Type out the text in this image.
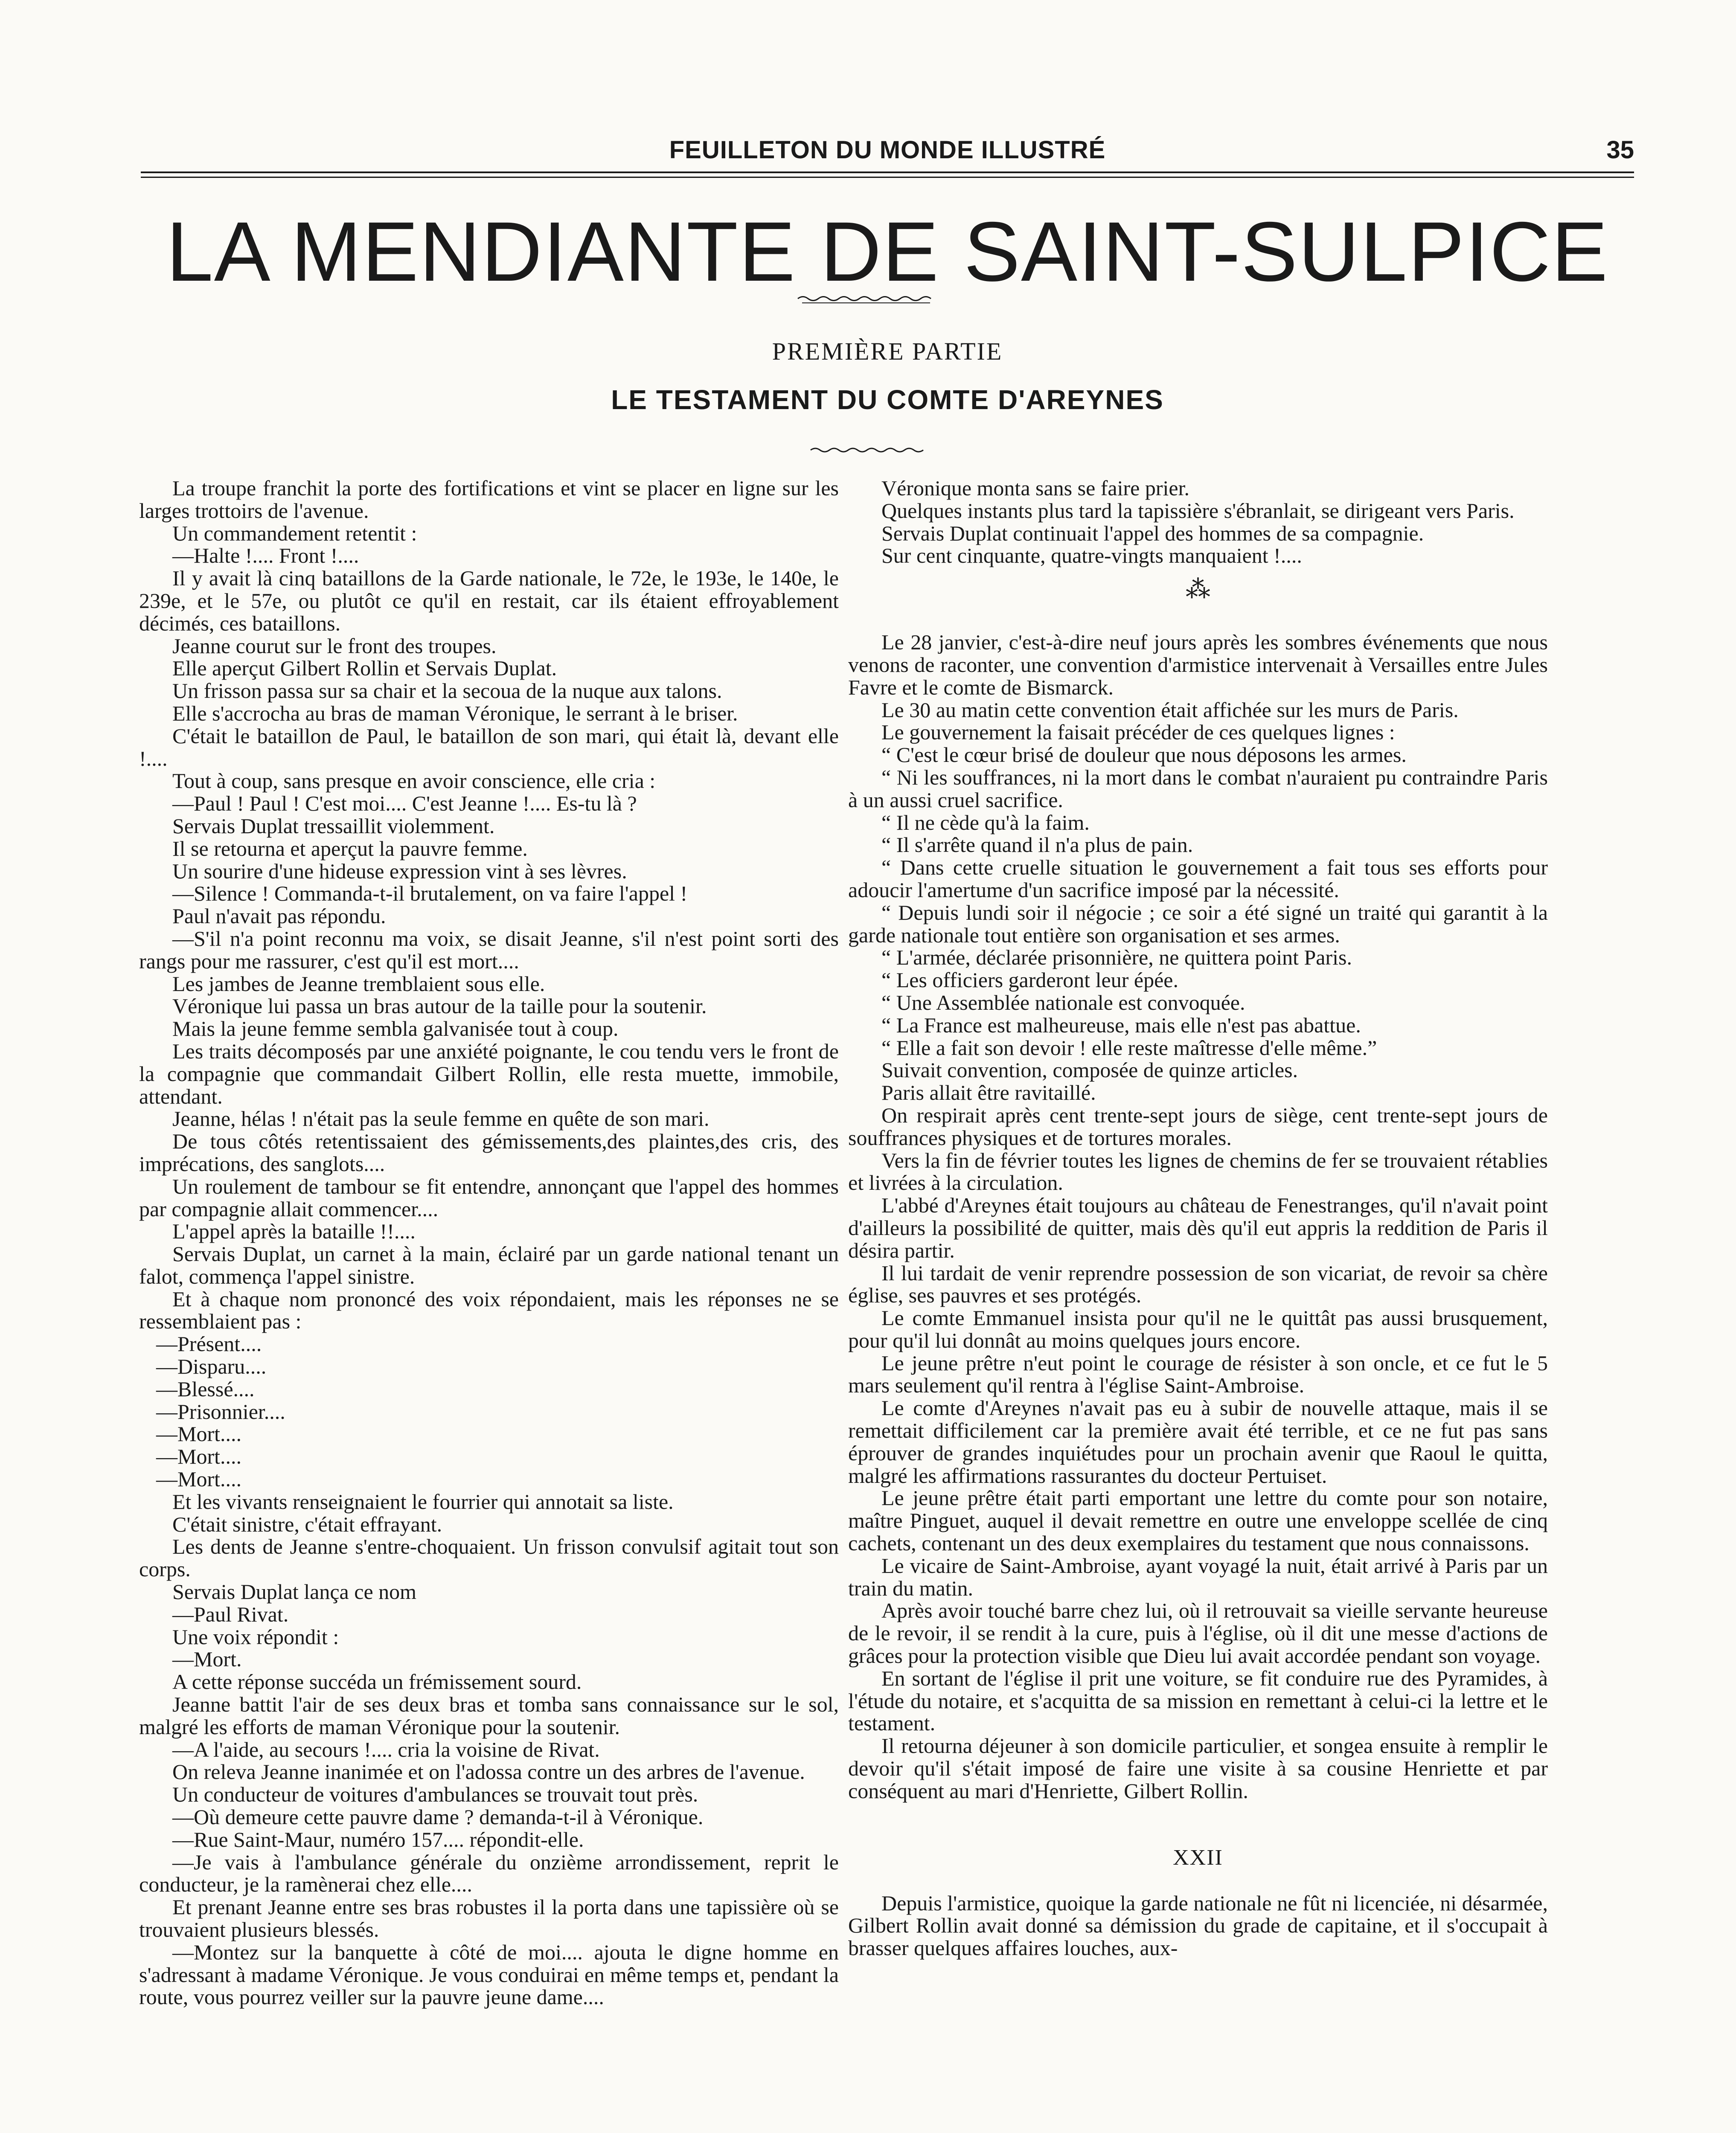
FEUILLETON DU MONDE ILLUSTRÉ	35
LA MENDIANTE DE SAINT-SULPICE
PREMIÈRE PARTIE
LE TESTAMENT DU COMTE D'AREYNES

La troupe franchit la porte des fortifications et vint se placer en ligne sur les larges trottoirs de l'avenue.

Un commandement retentit :

—Halte !.... Front !....

Il y avait là cinq bataillons de la Garde nationale, le 72e, le 193e, le 140e, le 239e, et le 57e, ou plutôt ce qu'il en restait, car ils étaient effroyablement décimés, ces bataillons.

Jeanne courut sur le front des troupes.

Elle aperçut Gilbert Rollin et Servais Duplat.

Un frisson passa sur sa chair et la secoua de la nuque aux talons.

Elle s'accrocha au bras de maman Véronique, le serrant à le briser.

C'était le bataillon de Paul, le bataillon de son mari, qui était là, devant elle !....

Tout à coup, sans presque en avoir conscience, elle cria :

—Paul ! Paul ! C'est moi.... C'est Jeanne !.... Es-tu là ?

Servais Duplat tressaillit violemment.

Il se retourna et aperçut la pauvre femme.

Un sourire d'une hideuse expression vint à ses lèvres.

—Silence ! Commanda-t-il brutalement, on va faire l'appel !

Paul n'avait pas répondu.

—S'il n'a point reconnu ma voix, se disait Jeanne, s'il n'est point sorti des rangs pour me rassurer, c'est qu'il est mort....

Les jambes de Jeanne tremblaient sous elle.

Véronique lui passa un bras autour de la taille pour la soutenir.

Mais la jeune femme sembla galvanisée tout à coup.

Les traits décomposés par une anxiété poignante, le cou tendu vers le front de la compagnie que commandait Gilbert Rollin, elle resta muette, immobile, attendant.

Jeanne, hélas ! n'était pas la seule femme en quête de son mari.

De tous côtés retentissaient des gémissements,des plaintes,des cris, des imprécations, des sanglots....

Un roulement de tambour se fit entendre, annonçant que l'appel des hommes par compagnie allait commencer....

L'appel après la bataille !!....

Servais Duplat, un carnet à la main, éclairé par un garde national tenant un falot, commença l'appel sinistre.

Et à chaque nom prononcé des voix répondaient, mais les réponses ne se ressemblaient pas :

—Présent....

—Disparu....

—Blessé....

—Prisonnier....

—Mort....

—Mort....

—Mort....

Et les vivants renseignaient le fourrier qui annotait sa liste.

C'était sinistre, c'était effrayant.

Les dents de Jeanne s'entre-choquaient. Un frisson convulsif agitait tout son corps.

Servais Duplat lança ce nom

—Paul Rivat.

Une voix répondit :

—Mort.

A cette réponse succéda un frémissement sourd.

Jeanne battit l'air de ses deux bras et tomba sans connaissance sur le sol, malgré les efforts de maman Véronique pour la soutenir.

—A l'aide, au secours !.... cria la voisine de Rivat.

On releva Jeanne inanimée et on l'adossa contre un des arbres de l'avenue.

Un conducteur de voitures d'ambulances se trouvait tout près.

—Où demeure cette pauvre dame ? demanda-t-il à Véronique.

—Rue Saint-Maur, numéro 157.... répondit-elle.

—Je vais à l'ambulance générale du onzième arrondissement, reprit le conducteur, je la ramènerai chez elle....

Et prenant Jeanne entre ses bras robustes il la porta dans une tapissière où se trouvaient plusieurs blessés.

—Montez sur la banquette à côté de moi.... ajouta le digne homme en s'adressant à madame Véronique. Je vous conduirai en même temps et, pendant la route, vous pourrez veiller sur la pauvre jeune dame....

Véronique monta sans se faire prier.

Quelques instants plus tard la tapissière s'ébranlait, se dirigeant vers Paris.

Servais Duplat continuait l'appel des hommes de sa compagnie.

Sur cent cinquante, quatre-vingts manquaient !....

⁂

Le 28 janvier, c'est-à-dire neuf jours après les sombres événements que nous venons de raconter, une convention d'armistice intervenait à Versailles entre Jules Favre et le comte de Bismarck.

Le 30 au matin cette convention était affichée sur les murs de Paris.

Le gouvernement la faisait précéder de ces quelques lignes :

“ C'est le cœur brisé de douleur que nous déposons les armes.

“ Ni les souffrances, ni la mort dans le combat n'auraient pu contraindre Paris à un aussi cruel sacrifice.

“ Il ne cède qu'à la faim.

“ Il s'arrête quand il n'a plus de pain.

“ Dans cette cruelle situation le gouvernement a fait tous ses efforts pour adoucir l'amertume d'un sacrifice imposé par la nécessité.

“ Depuis lundi soir il négocie ; ce soir a été signé un traité qui garantit à la garde nationale tout entière son organisation et ses armes.

“ L'armée, déclarée prisonnière, ne quittera point Paris.

“ Les officiers garderont leur épée.

“ Une Assemblée nationale est convoquée.

“ La France est malheureuse, mais elle n'est pas abattue.

“ Elle a fait son devoir ! elle reste maîtresse d'elle même.”

Suivait convention, composée de quinze articles.

Paris allait être ravitaillé.

On respirait après cent trente-sept jours de siège, cent trente-sept jours de souffrances physiques et de tortures morales.

Vers la fin de février toutes les lignes de chemins de fer se trouvaient rétablies et livrées à la circulation.

L'abbé d'Areynes était toujours au château de Fenestranges, qu'il n'avait point d'ailleurs la possibilité de quitter, mais dès qu'il eut appris la reddition de Paris il désira partir.

Il lui tardait de venir reprendre possession de son vicariat, de revoir sa chère église, ses pauvres et ses protégés.

Le comte Emmanuel insista pour qu'il ne le quittât pas aussi brusquement, pour qu'il lui donnât au moins quelques jours encore.

Le jeune prêtre n'eut point le courage de résister à son oncle, et ce fut le 5 mars seulement qu'il rentra à l'église Saint-Ambroise.

Le comte d'Areynes n'avait pas eu à subir de nouvelle attaque, mais il se remettait difficilement car la première avait été terrible, et ce ne fut pas sans éprouver de grandes inquiétudes pour un prochain avenir que Raoul le quitta, malgré les affirmations rassurantes du docteur Pertuiset.

Le jeune prêtre était parti emportant une lettre du comte pour son notaire, maître Pinguet, auquel il devait remettre en outre une enveloppe scellée de cinq cachets, contenant un des deux exemplaires du testament que nous connaissons.

Le vicaire de Saint-Ambroise, ayant voyagé la nuit, était arrivé à Paris par un train du matin.

Après avoir touché barre chez lui, où il retrouvait sa vieille servante heureuse de le revoir, il se rendit à la cure, puis à l'église, où il dit une messe d'actions de grâces pour la protection visible que Dieu lui avait accordée pendant son voyage.

En sortant de l'église il prit une voiture, se fit conduire rue des Pyramides, à l'étude du notaire, et s'acquitta de sa mission en remettant à celui-ci la lettre et le testament.

Il retourna déjeuner à son domicile particulier, et songea ensuite à remplir le devoir qu'il s'était imposé de faire une visite à sa cousine Henriette et par conséquent au mari d'Henriette, Gilbert Rollin.

XXII

Depuis l'armistice, quoique la garde nationale ne fût ni licenciée, ni désarmée, Gilbert Rollin avait donné sa démission du grade de capitaine, et il s'occupait à brasser quelques affaires louches, aux-
